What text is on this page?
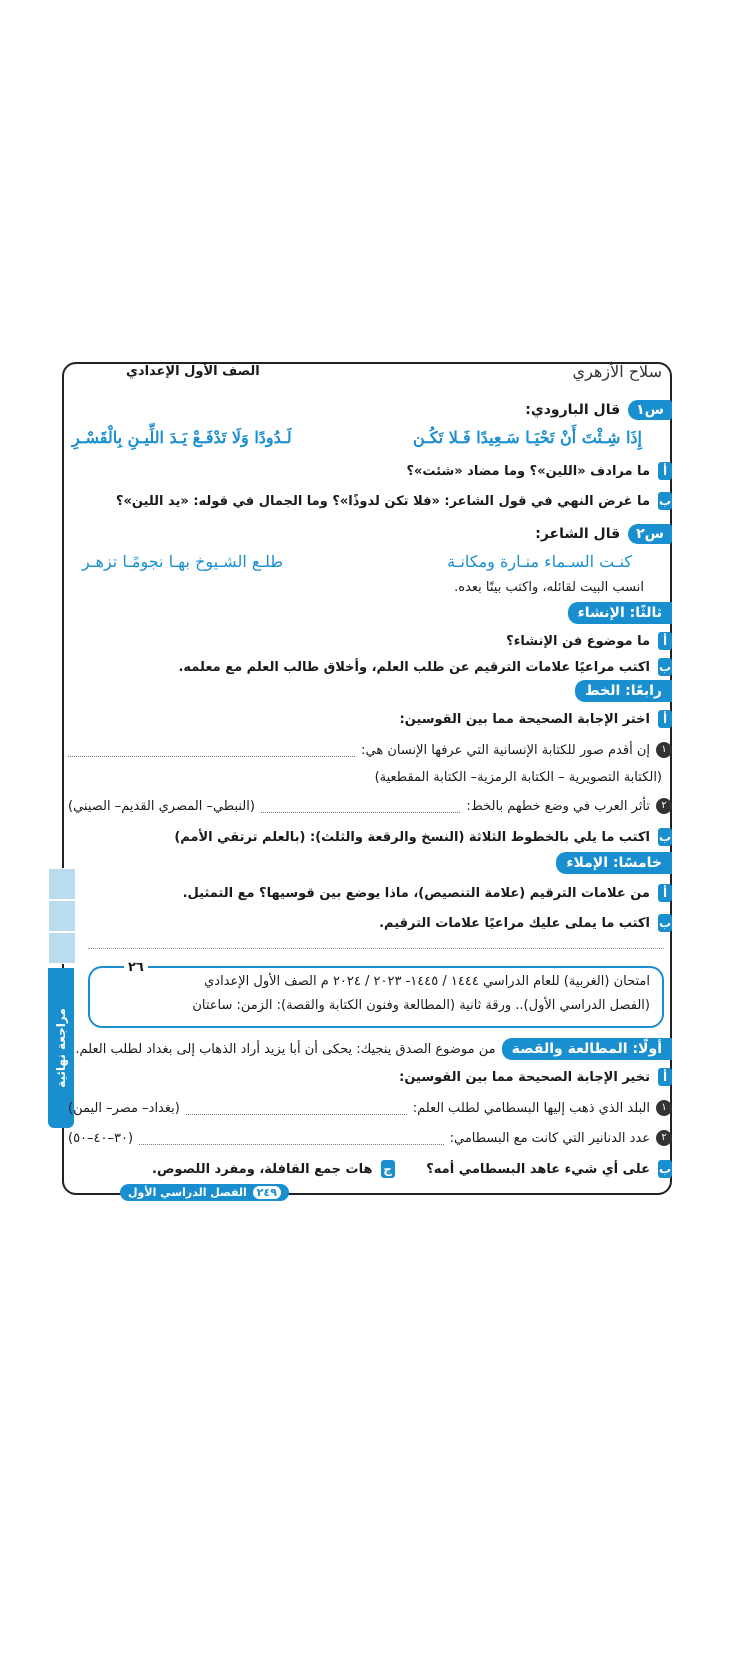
مراجعة نهائية
الصف الأول الإعدادي	سلاح الأزهري
س١
قال البارودي:
إِذَا شِـئْتَ أَنْ تَحْيَـا سَـعِيدًا فَـلا تَكُـن
لَـدُودًا وَلَا تَدْفَـعْ يَـدَ اللِّيـنِ بِالْقَسْـرِ
أ
ما مرادف «اللين»؟ وما مضاد «شئت»؟
ب
ما غرض النهي في قول الشاعر: «فلا تكن لدوذًا»؟ وما الجمال في قوله: «يد اللين»؟
س٢
قال الشاعر:
كنـت السـماء منـارة ومكانـة
طلـع الشـيوخ بهـا نجومًـا تزهـر
انسب البيت لقائله، واكتب بيتًا بعده.
ثالثًا: الإنشاء
أ
ما موضوع فن الإنشاء؟
ب
اكتب مراعيًا علامات الترقيم عن طلب العلم، وأخلاق طالب العلم مع معلمه.
رابعًا: الخط
أ
اختر الإجابة الصحيحة مما بين القوسين:
١
إن أقدم صور للكتابة الإنسانية التي عرفها الإنسان هي:
(الكتابة التصويرية – الكتابة الرمزية– الكتابة المقطعية)
٢
تأثر العرب في وضع خطهم بالخط:
(النبطي– المصري القديم– الصيني)
ب
اكتب ما يلي بالخطوط الثلاثة (النسخ والرقعة والثلث): (بالعلم ترتقي الأمم)
خامسًا: الإملاء
أ
من علامات الترقيم (علامة التنصيص)، ماذا يوضع بين قوسيها؟ مع التمثيل.
ب
اكتب ما يملى عليك مراعيًا علامات الترقيم.
امتحان (الغربية) للعام الدراسي ١٤٤٤ / ١٤٤٥- ٢٠٢٣ / ٢٠٢٤ م الصف الأول الإعدادي
(الفصل الدراسي الأول).. ورقة ثانية (المطالعة وفنون الكتابة والقصة): الزمن: ساعتان
٢٦
أولًا: المطالعة والقصة
من موضوع الصدق ينجيك: يحكى أن أبا يزيد أراد الذهاب إلى بغداد لطلب العلم.
أ
تخير الإجابة الصحيحة مما بين القوسين:
١
البلد الذي ذهب إليها البسطامي لطلب العلم:
(بغداد– مصر– اليمن)
٢
عدد الدنانير التي كانت مع البسطامي:
(٣٠–٤٠–٥٠)
ب
على أي شيء عاهد البسطامي أمه؟
ج
هات جمع القافلة، ومفرد اللصوص.
٢٤٩
الفصل الدراسي الأول
